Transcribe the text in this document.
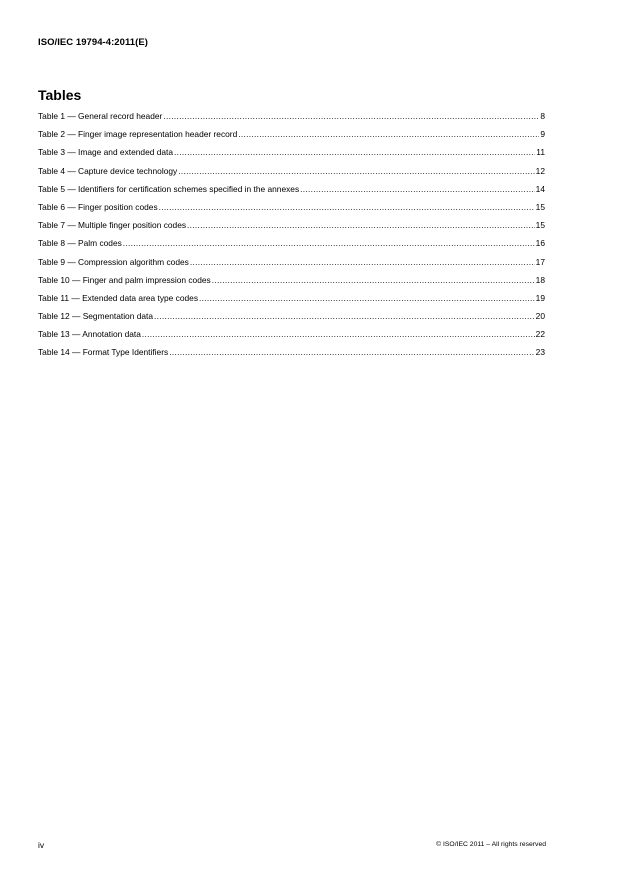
ISO/IEC 19794-4:2011(E)
Tables
Table 1 — General record header .....	8
Table 2 — Finger image representation header record .....	9
Table 3 — Image and extended data .....	11
Table 4 — Capture device technology .....	12
Table 5 — Identifiers for certification schemes specified in the annexes .....	14
Table 6 — Finger position codes .....	15
Table 7 — Multiple finger position codes .....	15
Table 8 — Palm codes .....	16
Table 9 — Compression algorithm codes .....	17
Table 10 — Finger and palm impression codes .....	18
Table 11 — Extended data area type codes .....	19
Table 12 — Segmentation data .....	20
Table 13 — Annotation data .....	22
Table 14 — Format Type Identifiers .....	23
iv	© ISO/IEC 2011 – All rights reserved
